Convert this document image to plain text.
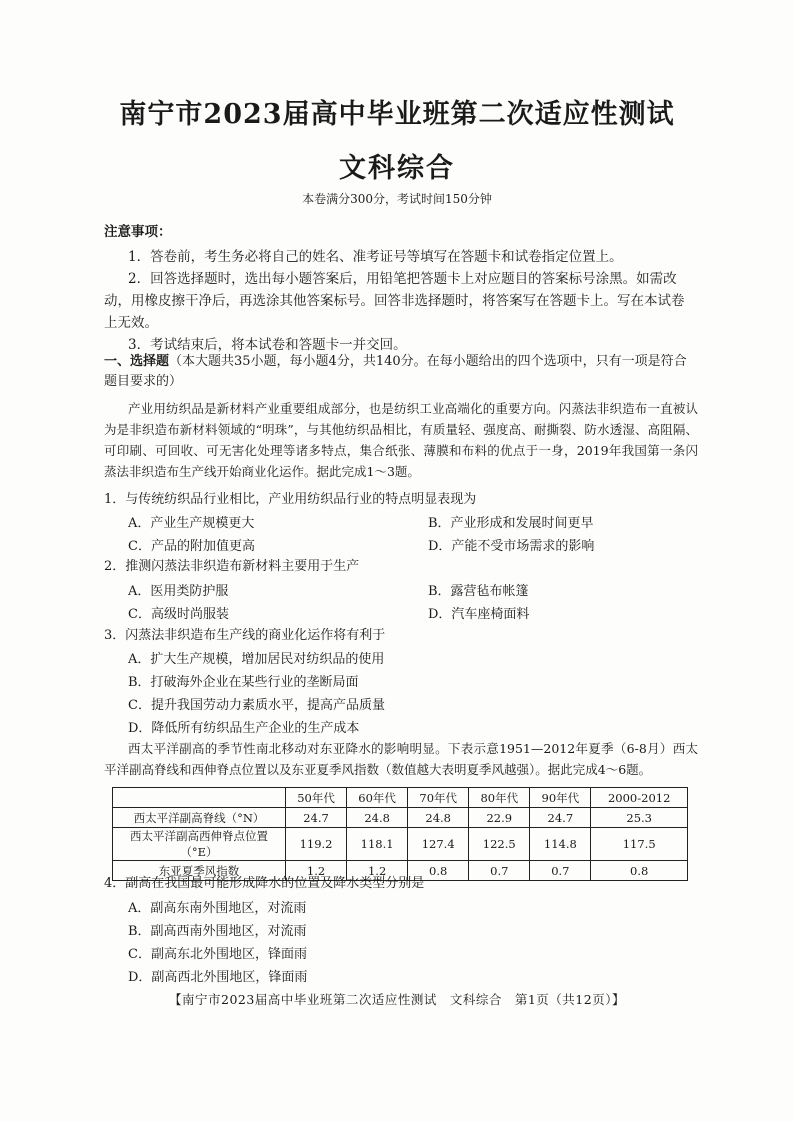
南宁市2023届高中毕业班第二次适应性测试
文科综合
本卷满分300分，考试时间150分钟
注意事项：
1．答卷前，考生务必将自己的姓名、准考证号等填写在答题卡和试卷指定位置上。
2．回答选择题时，选出每小题答案后，用铅笔把答题卡上对应题目的答案标号涂黑。如需改动，用橡皮擦干净后，再选涂其他答案标号。回答非选择题时，将答案写在答题卡上。写在本试卷上无效。
3．考试结束后，将本试卷和答题卡一并交回。
一、选择题（本大题共35小题，每小题4分，共140分。在每小题给出的四个选项中，只有一项是符合题目要求的）
产业用纺织品是新材料产业重要组成部分，也是纺织工业高端化的重要方向。闪蒸法非织造布一直被认为是非织造布新材料领域的“明珠”，与其他纺织品相比，有质量轻、强度高、耐撕裂、防水透湿、高阻隔、可印刷、可回收、可无害化处理等诸多特点，集合纸张、薄膜和布料的优点于一身，2019年我国第一条闪蒸法非织造布生产线开始商业化运作。据此完成1～3题。
1．与传统纺织品行业相比，产业用纺织品行业的特点明显表现为
A．产业生产规模更大	B．产业形成和发展时间更早
C．产品的附加值更高	D．产能不受市场需求的影响
2．推测闪蒸法非织造布新材料主要用于生产
A．医用类防护服	B．露营毡布帐篷
C．高级时尚服装	D．汽车座椅面料
3．闪蒸法非织造布生产线的商业化运作将有利于
A．扩大生产规模，增加居民对纺织品的使用
B．打破海外企业在某些行业的垄断局面
C．提升我国劳动力素质水平，提高产品质量
D．降低所有纺织品生产企业的生产成本
西太平洋副高的季节性南北移动对东亚降水的影响明显。下表示意1951—2012年夏季（6-8月）西太平洋副高脊线和西伸脊点位置以及东亚夏季风指数（数值越大表明夏季风越强）。据此完成4～6题。
	50年代	60年代	70年代	80年代	90年代	2000-2012
西太平洋副高脊线（°N）	24.7	24.8	24.8	22.9	24.7	25.3
西太平洋副高西伸脊点位置（°E）	119.2	118.1	127.4	122.5	114.8	117.5
东亚夏季风指数	1.2	1.2	0.8	0.7	0.7	0.8
4．副高在我国最可能形成降水的位置及降水类型分别是
A．副高东南外围地区，对流雨
B．副高西南外围地区，对流雨
C．副高东北外围地区，锋面雨
D．副高西北外围地区，锋面雨
【南宁市2023届高中毕业班第二次适应性测试　文科综合　第1页（共12页）】
